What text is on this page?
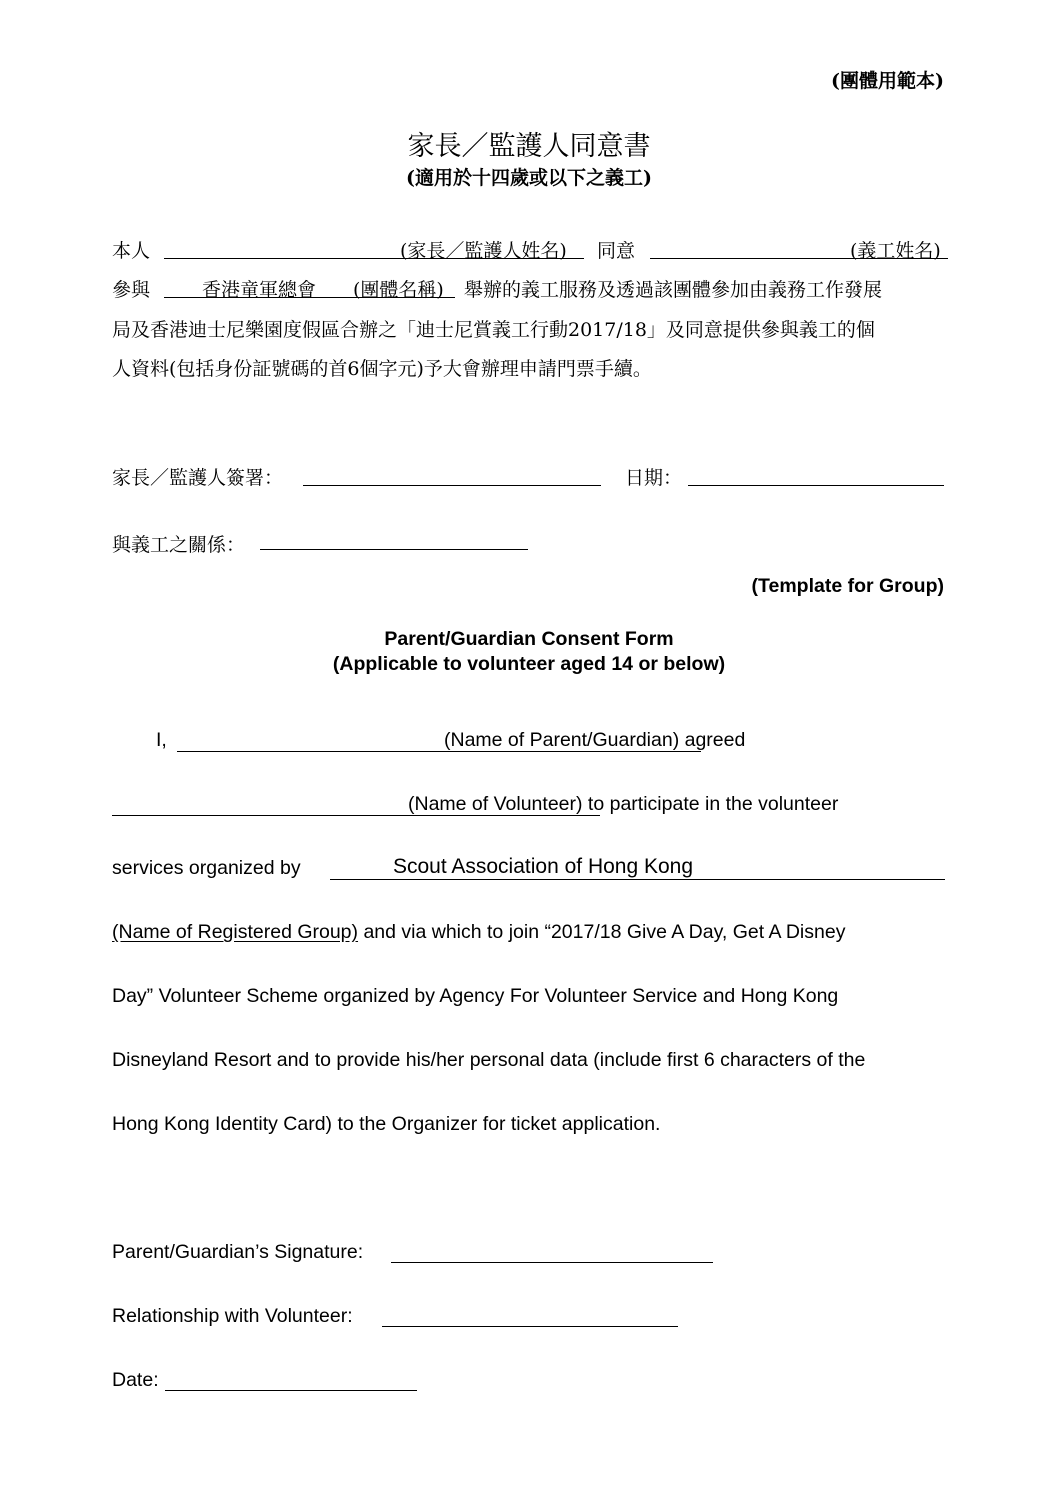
(團體用範本)
家長／監護人同意書
(適用於十四歲或以下之義工)
本人	(家長／監護人姓名) 同意	(義工姓名)
參與	香港童軍總會 (團體名稱) 舉辦的義工服務及透過該團體參加由義務工作發展
局及香港迪士尼樂園度假區合辦之「迪士尼賞義工行動2017/18」及同意提供參與義工的個
人資料(包括身份証號碼的首6個字元)予大會辦理申請門票手續。
家長／監護人簽署：	日期：
與義工之關係：
(Template for Group)
Parent/Guardian Consent Form
(Applicable to volunteer aged 14 or below)
I,	(Name of Parent/Guardian) agreed
(Name of Volunteer) to participate in the volunteer
services organized by	Scout Association of Hong Kong
(Name of Registered Group) and via which to join “2017/18 Give A Day, Get A Disney
Day” Volunteer Scheme organized by Agency For Volunteer Service and Hong Kong
Disneyland Resort and to provide his/her personal data (include first 6 characters of the
Hong Kong Identity Card) to the Organizer for ticket application.
Parent/Guardian’s Signature:
Relationship with Volunteer:
Date:
